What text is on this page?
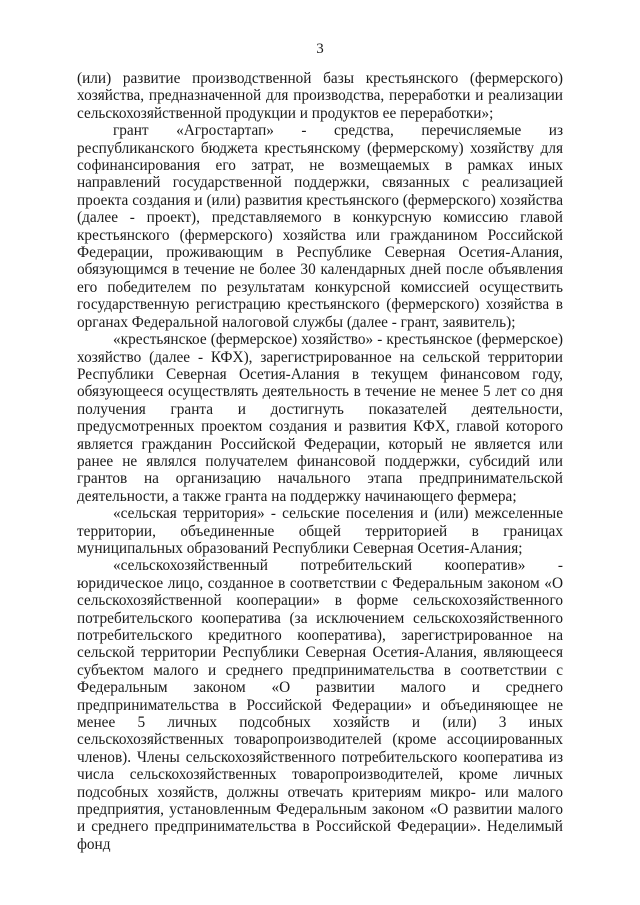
3

(или) развитие производственной базы крестьянского (фермерского) хозяйства, предназначенной для производства, переработки и реализации сельскохозяйственной продукции и продуктов ее переработки»;

грант «Агростартап» - средства, перечисляемые из республиканского бюджета крестьянскому (фермерскому) хозяйству для софинансирования его затрат, не возмещаемых в рамках иных направлений государственной поддержки, связанных с реализацией проекта создания и (или) развития крестьянского (фермерского) хозяйства (далее - проект), представляемого в конкурсную комиссию главой крестьянского (фермерского) хозяйства или гражданином Российской Федерации, проживающим в Республике Северная Осетия-Алания, обязующимся в течение не более 30 календарных дней после объявления его победителем по результатам конкурсной комиссией осуществить государственную регистрацию крестьянского (фермерского) хозяйства в органах Федеральной налоговой службы (далее - грант, заявитель);

«крестьянское (фермерское) хозяйство» - крестьянское (фермерское) хозяйство (далее - КФХ), зарегистрированное на сельской территории Республики Северная Осетия-Алания в текущем финансовом году, обязующееся осуществлять деятельность в течение не менее 5 лет со дня получения гранта и достигнуть показателей деятельности, предусмотренных проектом создания и развития КФХ, главой которого является гражданин Российской Федерации, который не является или ранее не являлся получателем финансовой поддержки, субсидий или грантов на организацию начального этапа предпринимательской деятельности, а также гранта на поддержку начинающего фермера;

«сельская территория» - сельские поселения и (или) межселенные территории, объединенные общей территорией в границах муниципальных образований Республики Северная Осетия-Алания;

«сельскохозяйственный потребительский кооператив» - юридическое лицо, созданное в соответствии с Федеральным законом «О сельскохозяйственной кооперации» в форме сельскохозяйственного потребительского кооператива (за исключением сельскохозяйственного потребительского кредитного кооператива), зарегистрированное на сельской территории Республики Северная Осетия-Алания, являющееся субъектом малого и среднего предпринимательства в соответствии с Федеральным законом «О развитии малого и среднего предпринимательства в Российской Федерации» и объединяющее не менее 5 личных подсобных хозяйств и (или) 3 иных сельскохозяйственных товаропроизводителей (кроме ассоциированных членов). Члены сельскохозяйственного потребительского кооператива из числа сельскохозяйственных товаропроизводителей, кроме личных подсобных хозяйств, должны отвечать критериям микро- или малого предприятия, установленным Федеральным законом «О развитии малого и среднего предпринимательства в Российской Федерации». Неделимый фонд
